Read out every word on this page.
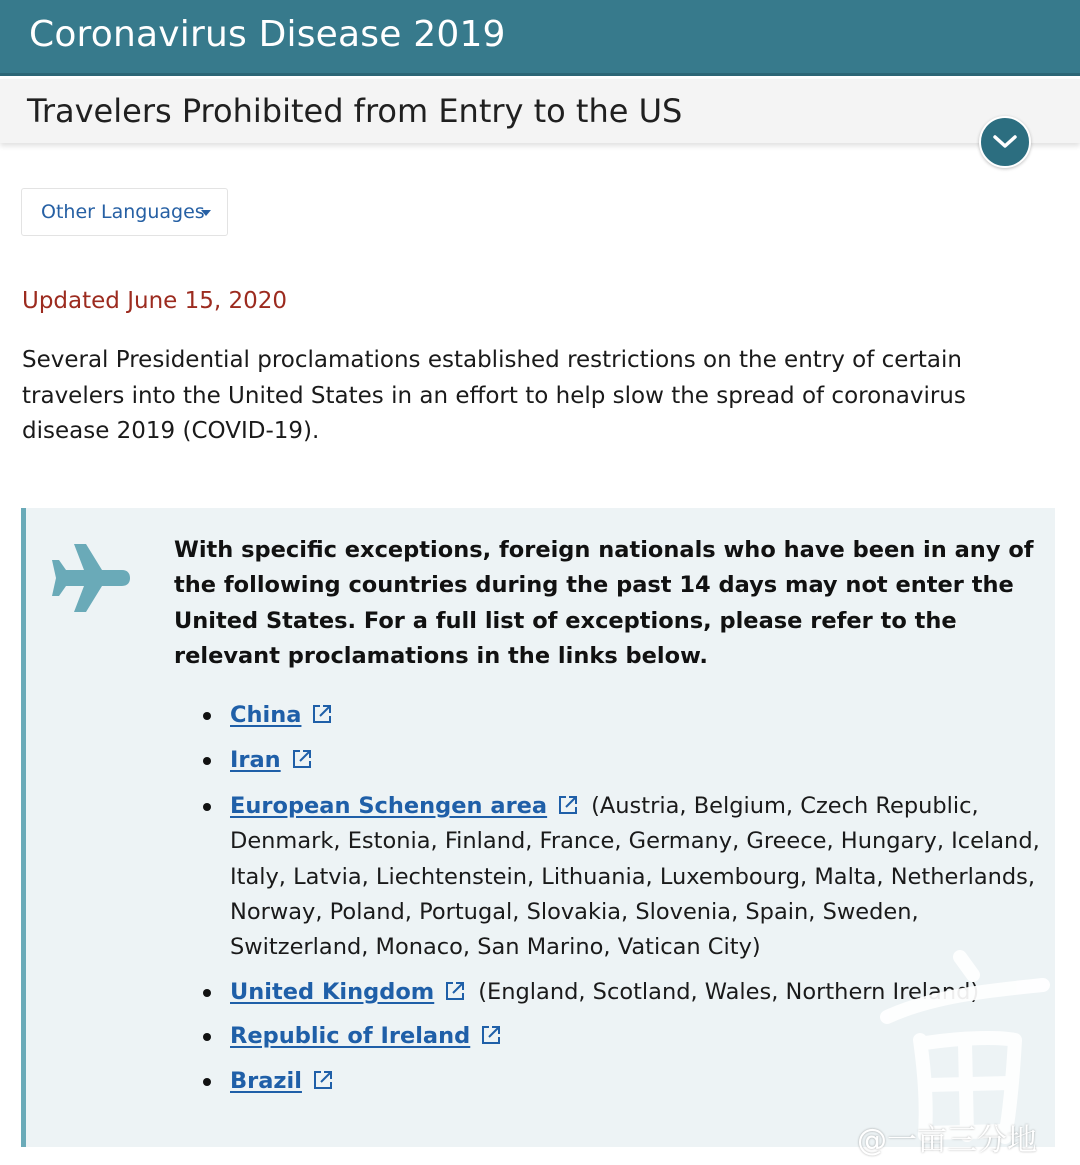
Coronavirus Disease 2019
Travelers Prohibited from Entry to the US
Other Languages
Updated June 15, 2020

Several Presidential proclamations established restrictions on the entry of certain travelers into the United States in an effort to help slow the spread of coronavirus disease 2019 (COVID-19).

With specific exceptions, foreign nationals who have been in any of the following countries during the past 14 days may not enter the United States. For a full list of exceptions, please refer to the relevant proclamations in the links below.

China
Iran
European Schengen area (Austria, Belgium, Czech Republic, Denmark, Estonia, Finland, France, Germany, Greece, Hungary, Iceland, Italy, Latvia, Liechtenstein, Lithuania, Luxembourg, Malta, Netherlands, Norway, Poland, Portugal, Slovakia, Slovenia, Spain, Sweden, Switzerland, Monaco, San Marino, Vatican City)
United Kingdom (England, Scotland, Wales, Northern Ireland)
Republic of Ireland
Brazil
@一亩三分地
